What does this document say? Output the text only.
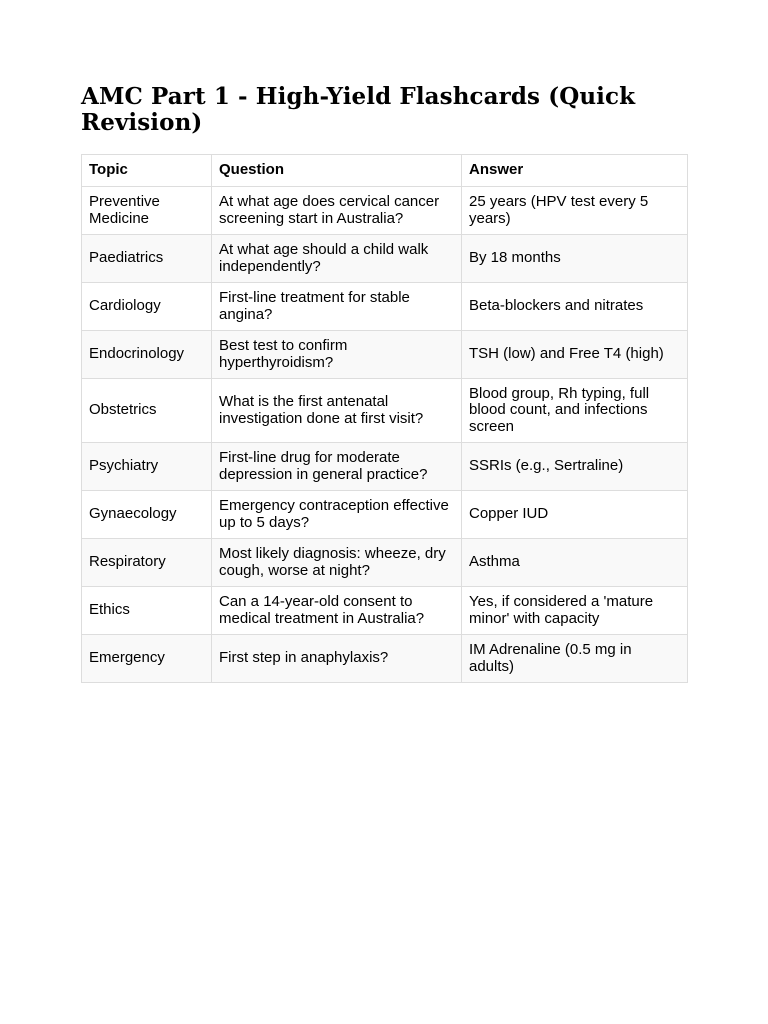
AMC Part 1 - High-Yield Flashcards (Quick Revision)
Topic	Question	Answer
Preventive Medicine	At what age does cervical cancer screening start in Australia?	25 years (HPV test every 5 years)
Paediatrics	At what age should a child walk independently?	By 18 months
Cardiology	First-line treatment for stable angina?	Beta-blockers and nitrates
Endocrinology	Best test to confirm hyperthyroidism?	TSH (low) and Free T4 (high)
Obstetrics	What is the first antenatal investigation done at first visit?	Blood group, Rh typing, full blood count, and infections screen
Psychiatry	First-line drug for moderate depression in general practice?	SSRIs (e.g., Sertraline)
Gynaecology	Emergency contraception effective up to 5 days?	Copper IUD
Respiratory	Most likely diagnosis: wheeze, dry cough, worse at night?	Asthma
Ethics	Can a 14-year-old consent to medical treatment in Australia?	Yes, if considered a 'mature minor' with capacity
Emergency	First step in anaphylaxis?	IM Adrenaline (0.5 mg in adults)
